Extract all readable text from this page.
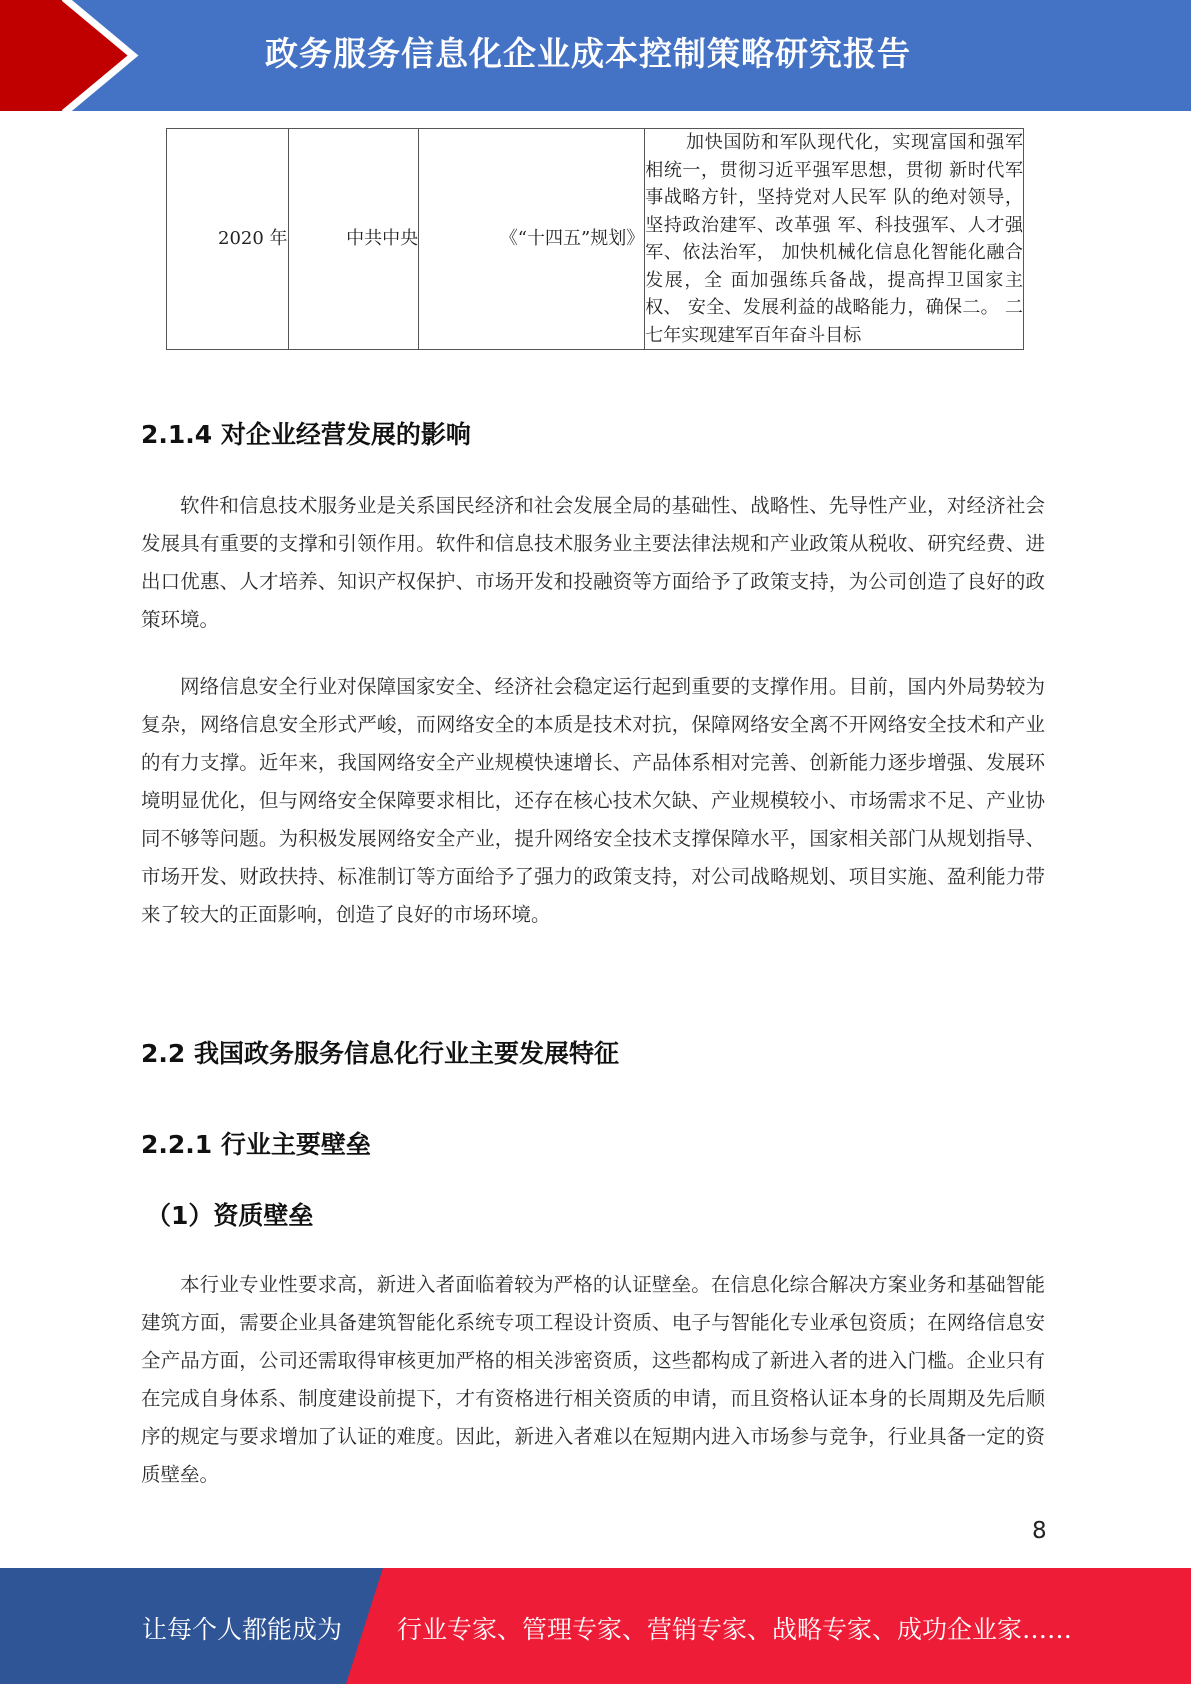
政务服务信息化企业成本控制策略研究报告
2020 年	中共中央	《“十四五”规划》	加快国防和军队现代化，实现富国和强军相统一，贯彻习近平强军思想，贯彻 新时代军事战略方针，坚持党对人民军 队的绝对领导，坚持政治建军、改革强 军、科技强军、人才强军、依法治军， 加快机械化信息化智能化融合发展，全 面加强练兵备战，提高捍卫国家主权、 安全、发展利益的战略能力，确保二。 二七年实现建军百年奋斗目标
2.1.4 对企业经营发展的影响
软件和信息技术服务业是关系国民经济和社会发展全局的基础性、战略性、先导性产业，对经济社会发展具有重要的支撑和引领作用。软件和信息技术服务业主要法律法规和产业政策从税收、研究经费、进出口优惠、人才培养、知识产权保护、市场开发和投融资等方面给予了政策支持，为公司创造了良好的政策环境。
网络信息安全行业对保障国家安全、经济社会稳定运行起到重要的支撑作用。目前，国内外局势较为复杂，网络信息安全形式严峻，而网络安全的本质是技术对抗，保障网络安全离不开网络安全技术和产业的有力支撑。近年来，我国网络安全产业规模快速增长、产品体系相对完善、创新能力逐步增强、发展环境明显优化，但与网络安全保障要求相比，还存在核心技术欠缺、产业规模较小、市场需求不足、产业协同不够等问题。为积极发展网络安全产业，提升网络安全技术支撑保障水平，国家相关部门从规划指导、市场开发、财政扶持、标准制订等方面给予了强力的政策支持，对公司战略规划、项目实施、盈利能力带来了较大的正面影响，创造了良好的市场环境。
2.2 我国政务服务信息化行业主要发展特征
2.2.1 行业主要壁垒
（1）资质壁垒
本行业专业性要求高，新进入者面临着较为严格的认证壁垒。在信息化综合解决方案业务和基础智能建筑方面，需要企业具备建筑智能化系统专项工程设计资质、电子与智能化专业承包资质；在网络信息安全产品方面，公司还需取得审核更加严格的相关涉密资质，这些都构成了新进入者的进入门槛。企业只有在完成自身体系、制度建设前提下，才有资格进行相关资质的申请，而且资格认证本身的长周期及先后顺序的规定与要求增加了认证的难度。因此，新进入者难以在短期内进入市场参与竞争，行业具备一定的资质壁垒。
8
让每个人都能成为 行业专家、管理专家、营销专家、战略专家、成功企业家……
